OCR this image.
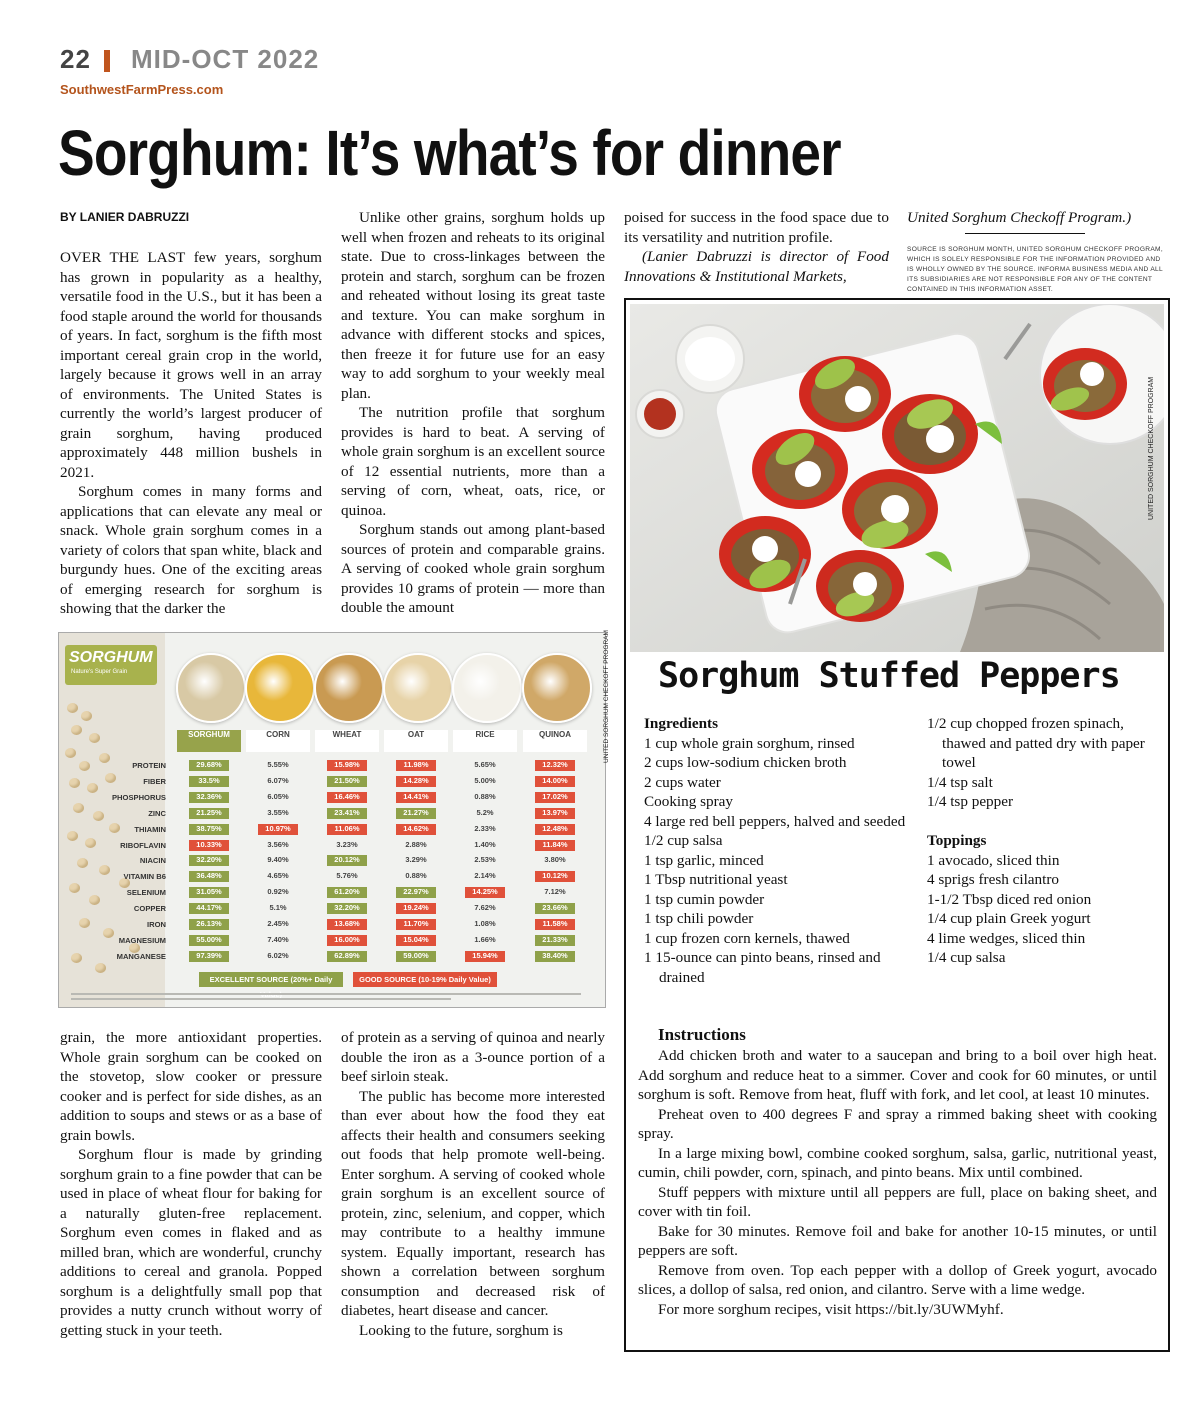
22 MID-OCT 2022
SouthwestFarmPress.com
Sorghum: It’s what’s for dinner
BY LANIER DABRUZZI

OVER THE LAST few years, sorghum has grown in popularity as a healthy, versatile food in the U.S., but it has been a food staple around the world for thousands of years. In fact, sorghum is the fifth most important cereal grain crop in the world, largely because it grows well in an array of environments. The United States is currently the world’s largest producer of grain sorghum, having produced approximately 448 million bushels in 2021.

Sorghum comes in many forms and applications that can elevate any meal or snack. Whole grain sorghum comes in a variety of colors that span white, black and burgundy hues. One of the exciting areas of emerging research for sorghum is showing that the darker the

Unlike other grains, sorghum holds up well when frozen and reheats to its original state. Due to cross-linkages between the protein and starch, sorghum can be frozen and reheated without losing its great taste and texture. You can make sorghum in advance with different stocks and spices, then freeze it for future use for an easy way to add sorghum to your weekly meal plan.

The nutrition profile that sorghum provides is hard to beat. A serving of whole grain sorghum is an excellent source of 12 essential nutrients, more than a serving of corn, wheat, oats, rice, or quinoa.

Sorghum stands out among plant-based sources of protein and comparable grains. A serving of cooked whole grain sorghum provides 10 grams of protein — more than double the amount

poised for success in the food space due to its versatility and nutrition profile.

(Lanier Dabruzzi is director of Food Innovations & Institutional Markets,

United Sorghum Checkoff Program.)
SOURCE IS SORGHUM MONTH, UNITED SORGHUM CHECKOFF PROGRAM, WHICH IS SOLELY RESPONSIBLE FOR THE INFORMATION PROVIDED AND IS WHOLLY OWNED BY THE SOURCE. INFORMA BUSINESS MEDIA AND ALL ITS SUBSIDIARIES ARE NOT RESPONSIBLE FOR ANY OF THE CONTENT CONTAINED IN THIS INFORMATION ASSET.

grain, the more antioxidant properties. Whole grain sorghum can be cooked on the stovetop, slow cooker or pressure cooker and is perfect for side dishes, as an addition to soups and stews or as a base of grain bowls.

Sorghum flour is made by grinding sorghum grain to a fine powder that can be used in place of wheat flour for baking for a naturally gluten-free replacement. Sorghum even comes in flaked and as milled bran, which are wonderful, crunchy additions to cereal and granola. Popped sorghum is a delightfully small pop that provides a nutty crunch without worry of getting stuck in your teeth.

of protein as a serving of quinoa and nearly double the iron as a 3-ounce portion of a beef sirloin steak.

The public has become more interested than ever about how the food they eat affects their health and consumers seeking out foods that help promote well-being. Enter sorghum. A serving of cooked whole grain sorghum is an excellent source of protein, zinc, selenium, and copper, which may contribute to a healthy immune system. Equally important, research has shown a correlation between sorghum consumption and decreased risk of diabetes, heart disease and cancer.

Looking to the future, sorghum is

SORGHUM
Nature's Super Grain
SORGHUM	CORN	WHEAT	OAT	RICE	QUINOA
PROTEIN	29.68%	5.55%	15.98%	11.98%	5.65%	12.32%
FIBER	33.5%	6.07%	21.50%	14.28%	5.00%	14.00%
PHOSPHORUS	32.36%	6.05%	16.46%	14.41%	0.88%	17.02%
ZINC	21.25%	3.55%	23.41%	21.27%	5.2%	13.97%
THIAMIN	38.75%	10.97%	11.06%	14.62%	2.33%	12.48%
RIBOFLAVIN	10.33%	3.56%	3.23%	2.88%	1.40%	11.84%
NIACIN	32.20%	9.40%	20.12%	3.29%	2.53%	3.80%
VITAMIN B6	36.48%	4.65%	5.76%	0.88%	2.14%	10.12%
SELENIUM	31.05%	0.92%	61.20%	22.97%	14.25%	7.12%
COPPER	44.17%	5.1%	32.20%	19.24%	7.62%	23.66%
IRON	26.13%	2.45%	13.68%	11.70%	1.08%	11.58%
MAGNESIUM	55.00%	7.40%	16.00%	15.04%	1.66%	21.33%
MANGANESE	97.39%	6.02%	62.89%	59.00%	15.94%	38.40%
EXCELLENT SOURCE (20%+ Daily	GOOD SOURCE (10-19% Daily Value)
UNITED SORGHUM CHECKOFF PROGRAM
UNITED SORGHUM CHECKOFF PROGRAM
Sorghum Stuffed Peppers
Ingredients
1 cup whole grain sorghum, rinsed
2 cups low-sodium chicken broth
2 cups water
Cooking spray
4 large red bell peppers, halved and seeded
1/2 cup salsa
1 tsp garlic, minced
1 Tbsp nutritional yeast
1 tsp cumin powder
1 tsp chili powder
1 cup frozen corn kernels, thawed
1 15-ounce can pinto beans, rinsed and drained
1/2 cup chopped frozen spinach, thawed and patted dry with paper towel
1/4 tsp salt
1/4 tsp pepper
Toppings
1 avocado, sliced thin
4 sprigs fresh cilantro
1-1/2 Tbsp diced red onion
1/4 cup plain Greek yogurt
4 lime wedges, sliced thin
1/4 cup salsa
Instructions

Add chicken broth and water to a saucepan and bring to a boil over high heat. Add sorghum and reduce heat to a simmer. Cover and cook for 60 minutes, or until sorghum is soft. Remove from heat, fluff with fork, and let cool, at least 10 minutes.

Preheat oven to 400 degrees F and spray a rimmed baking sheet with cooking spray.

In a large mixing bowl, combine cooked sorghum, salsa, garlic, nutritional yeast, cumin, chili powder, corn, spinach, and pinto beans. Mix until combined.

Stuff peppers with mixture until all peppers are full, place on baking sheet, and cover with tin foil.

Bake for 30 minutes. Remove foil and bake for another 10-15 minutes, or until peppers are soft.

Remove from oven. Top each pepper with a dollop of Greek yogurt, avocado slices, a dollop of salsa, red onion, and cilantro. Serve with a lime wedge.

For more sorghum recipes, visit https://bit.ly/3UWMyhf.
